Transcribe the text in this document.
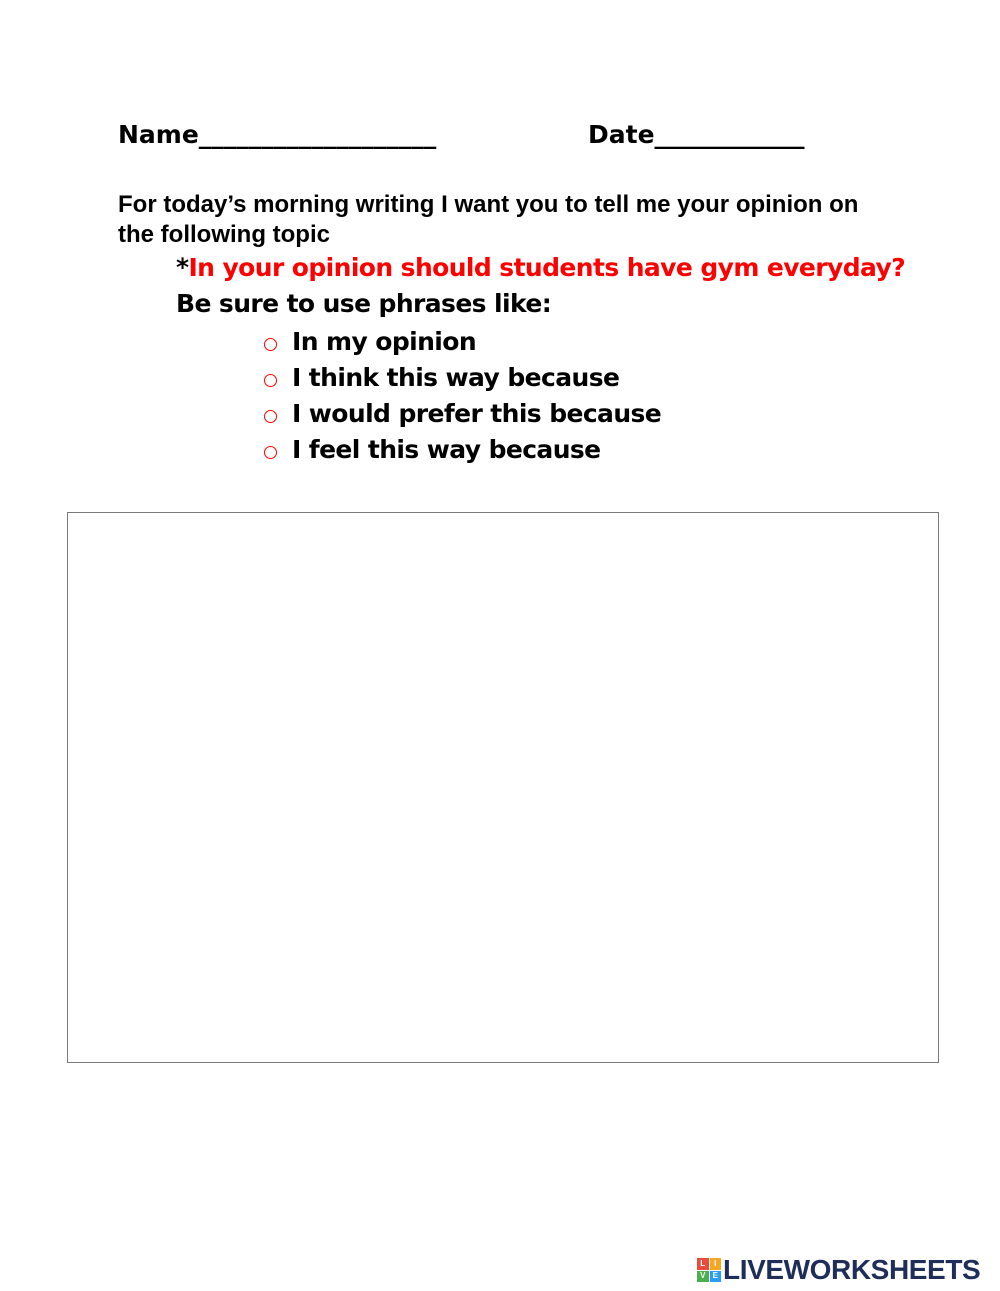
Name___________________	Date____________
For today’s morning writing I want you to tell me your opinion on the following topic
*In your opinion should students have gym everyday?
Be sure to use phrases like:
In my opinion
I think this way because
I would prefer this because
I feel this way because
L	I
V E LIVEWORKSHEETS
